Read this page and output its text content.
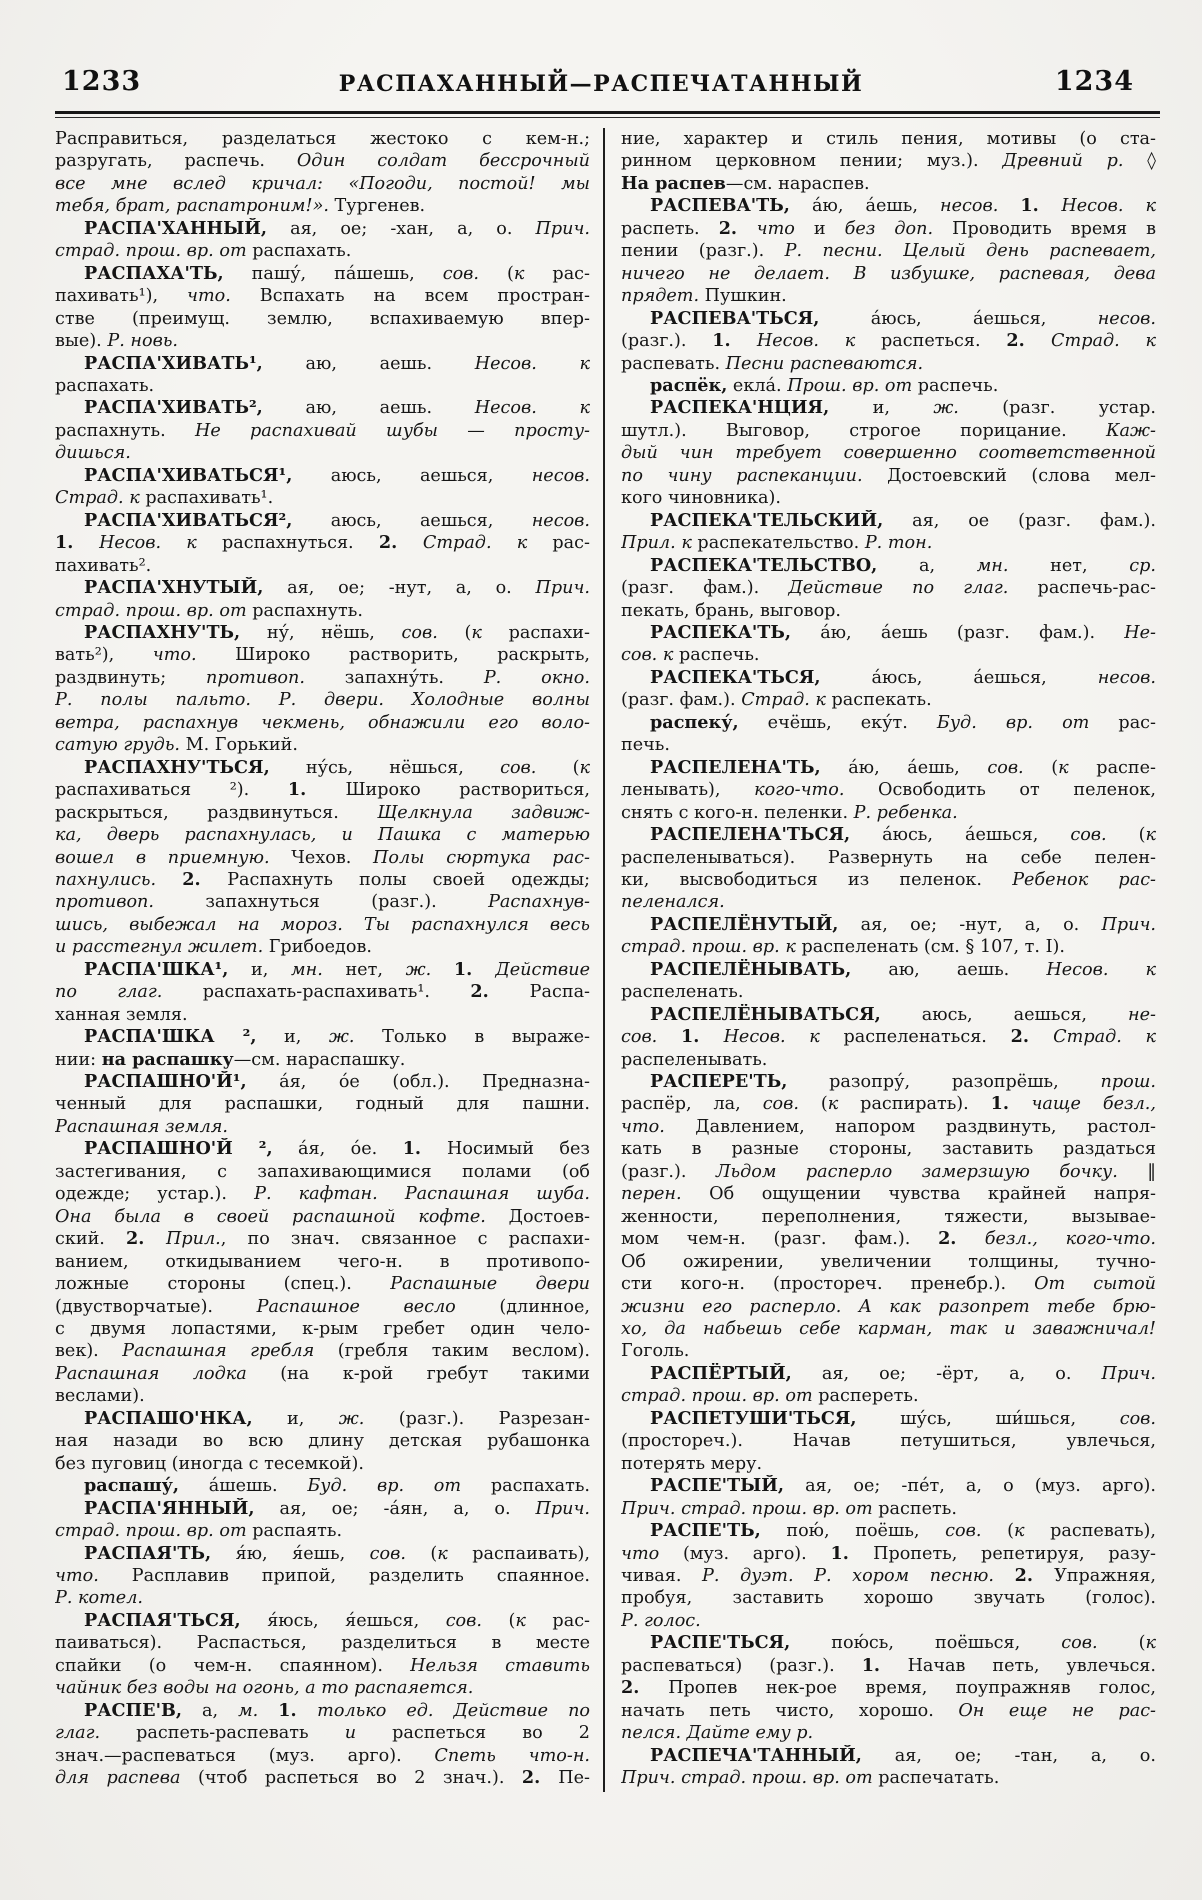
1233	РАСПАХАННЫЙ—РАСПЕЧАТАННЫЙ	1234
Расправиться, разделаться жестоко с кем-н.;
разругать, распечь. Один солдат бессрочный
все мне вслед кричал: «Погоди, постой! мы
тебя, брат, распатроним!». Тургенев.
РАСПА'ХАННЫЙ, ая, ое; -хан, а, о. Прич.
страд. прош. вр. от распахать.
РАСПАХА'ТЬ, пашу́, па́шешь, сов. (к рас-
пахивать¹), что. Вспахать на всем простран-
стве (преимущ. землю, вспахиваемую впер-
вые). Р. новь.
РАСПА'ХИВАТЬ¹, аю, аешь. Несов. к
распахать.
РАСПА'ХИВАТЬ², аю, аешь. Несов. к
распахнуть. Не распахивай шубы — просту-
дишься.
РАСПА'ХИВАТЬСЯ¹, аюсь, аешься, несов.
Страд. к распахивать¹.
РАСПА'ХИВАТЬСЯ², аюсь, аешься, несов.
1. Несов. к распахнуться. 2. Страд. к рас-
пахивать².
РАСПА'ХНУТЫЙ, ая, ое; -нут, а, о. Прич.
страд. прош. вр. от распахнуть.
РАСПАХНУ'ТЬ, ну́, нёшь, сов. (к распахи-
вать²), что. Широко растворить, раскрыть,
раздвинуть; противоп. запахну́ть. Р. окно.
Р. полы пальто. Р. двери. Холодные волны
ветра, распахнув чекмень, обнажили его воло-
сатую грудь. М. Горький.
РАСПАХНУ'ТЬСЯ, ну́сь, нёшься, сов. (к
распахиваться ²). 1. Широко раствориться,
раскрыться, раздвинуться. Щелкнула задвиж-
ка, дверь распахнулась, и Пашка с матерью
вошел в приемную. Чехов. Полы сюртука рас-
пахнулись. 2. Распахнуть полы своей одежды;
противоп. запахнуться (разг.). Распахнув-
шись, выбежал на мороз. Ты распахнулся весь
и расстегнул жилет. Грибоедов.
РАСПА'ШКА¹, и, мн. нет, ж. 1. Действие
по глаг. распахать-распахивать¹. 2. Распа-
ханная земля.
РАСПА'ШКА ², и, ж. Только в выраже-
нии: на распашку—см. нараспашку.
РАСПАШНО'Й¹, а́я, о́е (обл.). Предназна-
ченный для распашки, годный для пашни.
Распашная земля.
РАСПАШНО'Й ², а́я, о́е. 1. Носимый без
застегивания, с запахивающимися полами (об
одежде; устар.). Р. кафтан. Распашная шуба.
Она была в своей распашной кофте. Достоев-
ский. 2. Прил., по знач. связанное с распахи-
ванием, откидыванием чего-н. в противопо-
ложные стороны (спец.). Распашные двери
(двустворчатые). Распашное весло (длинное,
с двумя лопастями, к-рым гребет один чело-
век). Распашная гребля (гребля таким веслом).
Распашная лодка (на к-рой гребут такими
веслами).
РАСПАШО'НКА, и, ж. (разг.). Разрезан-
ная назади во всю длину детская рубашонка
без пуговиц (иногда с тесемкой).
распашу́, а́шешь. Буд. вр. от распахать.
РАСПА'ЯННЫЙ, ая, ое; -а́ян, а, о. Прич.
страд. прош. вр. от распаять.
РАСПАЯ'ТЬ, я́ю, я́ешь, сов. (к распаивать),
что. Расплавив припой, разделить спаянное.
Р. котел.
РАСПАЯ'ТЬСЯ, я́юсь, я́ешься, сов. (к рас-
паиваться). Распасться, разделиться в месте
спайки (о чем-н. спаянном). Нельзя ставить
чайник без воды на огонь, а то распаяется.
РАСПЕ'В, а, м. 1. только ед. Действие по
глаг. распеть-распевать и распеться во 2
знач.—распеваться (муз. арго). Спеть что-н.
для распева (чтоб распеться во 2 знач.). 2. Пе-
ние, характер и стиль пения, мотивы (о ста-
ринном церковном пении; муз.). Древний р. ◊
На распев—см. нараспев.
РАСПЕВА'ТЬ, а́ю, а́ешь, несов. 1. Несов. к
распеть. 2. что и без доп. Проводить время в
пении (разг.). Р. песни. Целый день распевает,
ничего не делает. В избушке, распевая, дева
прядет. Пушкин.
РАСПЕВА'ТЬСЯ, а́юсь, а́ешься, несов.
(разг.). 1. Несов. к распеться. 2. Страд. к
распевать. Песни распеваются.
распёк, екла́. Прош. вр. от распечь.
РАСПЕКА'НЦИЯ, и, ж. (разг. устар.
шутл.). Выговор, строгое порицание. Каж-
дый чин требует совершенно соответственной
по чину распеканции. Достоевский (слова мел-
кого чиновника).
РАСПЕКА'ТЕЛЬСКИЙ, ая, ое (разг. фам.).
Прил. к распекательство. Р. тон.
РАСПЕКА'ТЕЛЬСТВО, а, мн. нет, ср.
(разг. фам.). Действие по глаг. распечь-рас-
пекать, брань, выговор.
РАСПЕКА'ТЬ, а́ю, а́ешь (разг. фам.). Не-
сов. к распечь.
РАСПЕКА'ТЬСЯ, а́юсь, а́ешься, несов.
(разг. фам.). Страд. к распекать.
распеку́, ечёшь, еку́т. Буд. вр. от рас-
печь.
РАСПЕЛЕНА'ТЬ, а́ю, а́ешь, сов. (к распе-
ленывать), кого-что. Освободить от пеленок,
снять с кого-н. пеленки. Р. ребенка.
РАСПЕЛЕНА'ТЬСЯ, а́юсь, а́ешься, сов. (к
распеленываться). Развернуть на себе пелен-
ки, высвободиться из пеленок. Ребенок рас-
пеленался.
РАСПЕЛЁНУТЫЙ, ая, ое; -нут, а, о. Прич.
страд. прош. вр. к распеленать (см. § 107, т. I).
РАСПЕЛЁНЫВАТЬ, аю, аешь. Несов. к
распеленать.
РАСПЕЛЁНЫВАТЬСЯ, аюсь, аешься, не-
сов. 1. Несов. к распеленаться. 2. Страд. к
распеленывать.
РАСПЕРЕ'ТЬ, разопру́, разопрёшь, прош.
распёр, ла, сов. (к распирать). 1. чаще безл.,
что. Давлением, напором раздвинуть, растол-
кать в разные стороны, заставить раздаться
(разг.). Льдом расперло замерзшую бочку. ‖
перен. Об ощущении чувства крайней напря-
женности, переполнения, тяжести, вызывае-
мом чем-н. (разг. фам.). 2. безл., кого-что.
Об ожирении, увеличении толщины, тучно-
сти кого-н. (простореч. пренебр.). От сытой
жизни его расперло. А как разопрет тебе брю-
хо, да набьешь себе карман, так и заважничал!
Гоголь.
РАСПЁРТЫЙ, ая, ое; -ёрт, а, о. Прич.
страд. прош. вр. от распереть.
РАСПЕТУШИ'ТЬСЯ, шу́сь, ши́шься, сов.
(простореч.). Начав петушиться, увлечься,
потерять меру.
РАСПЕ'ТЫЙ, ая, ое; -пе́т, а, о (муз. арго).
Прич. страд. прош. вр. от распеть.
РАСПЕ'ТЬ, пою́, поёшь, сов. (к распевать),
что (муз. арго). 1. Пропеть, репетируя, разу-
чивая. Р. дуэт. Р. хором песню. 2. Упражняя,
пробуя, заставить хорошо звучать (голос).
Р. голос.
РАСПЕ'ТЬСЯ, пою́сь, поёшься, сов. (к
распеваться) (разг.). 1. Начав петь, увлечься.
2. Пропев нек-рое время, поупражняв голос,
начать петь чисто, хорошо. Он еще не рас-
пелся. Дайте ему р.
РАСПЕЧА'ТАННЫЙ, ая, ое; -тан, а, о.
Прич. страд. прош. вр. от распечатать.
